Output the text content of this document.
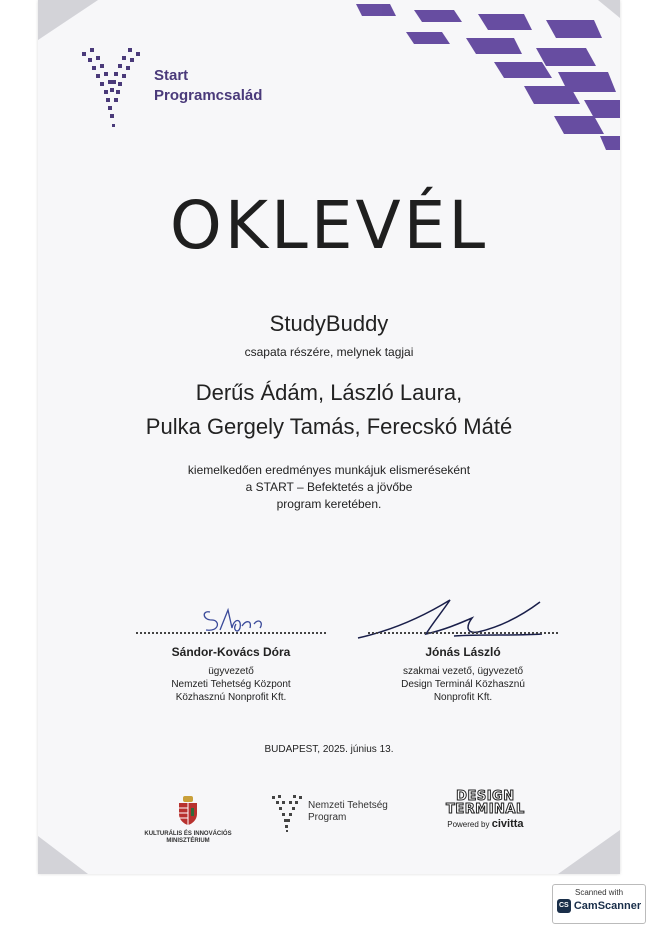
Start
Programcsalád
OKLEVÉL
StudyBuddy
csapata részére, melynek tagjai
Derűs Ádám, László Laura,
Pulka Gergely Tamás, Ferecskó Máté
kiemelkedően eredményes munkájuk elismeréseként
a START – Befektetés a jövőbe
program keretében.
Sándor-Kovács Dóra
ügyvezető
Nemzeti Tehetség Központ
Közhasznú Nonprofit Kft.
Jónás László
szakmai vezető, ügyvezető
Design Terminál Közhasznú
Nonprofit Kft.
BUDAPEST, 2025. június 13.
KULTURÁLIS ÉS INNOVÁCIÓS
MINISZTÉRIUM
Nemzeti Tehetség
Program
DESIGN
TERMINAL
Powered by civitta
Scanned with
CS CamScanner
